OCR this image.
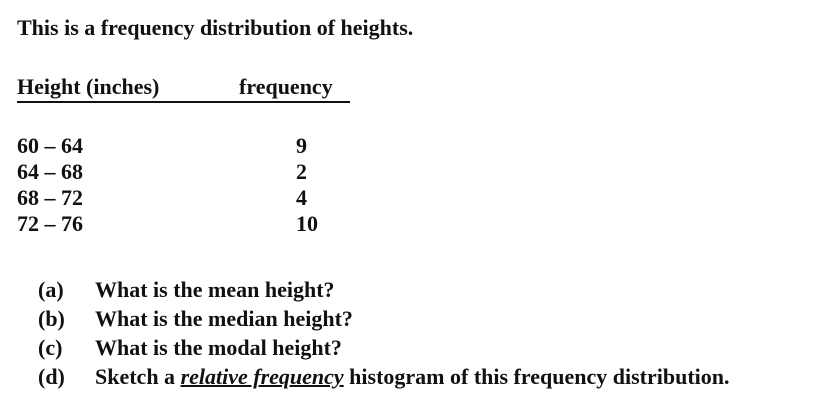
This is a frequency distribution of heights.
Height (inches)	frequency
60 – 64	9
64 – 68	2
68 – 72	4
72 – 76	10
(a) What is the mean height?
(b) What is the median height?
(c) What is the modal height?
(d) Sketch a relative frequency histogram of this frequency distribution.
